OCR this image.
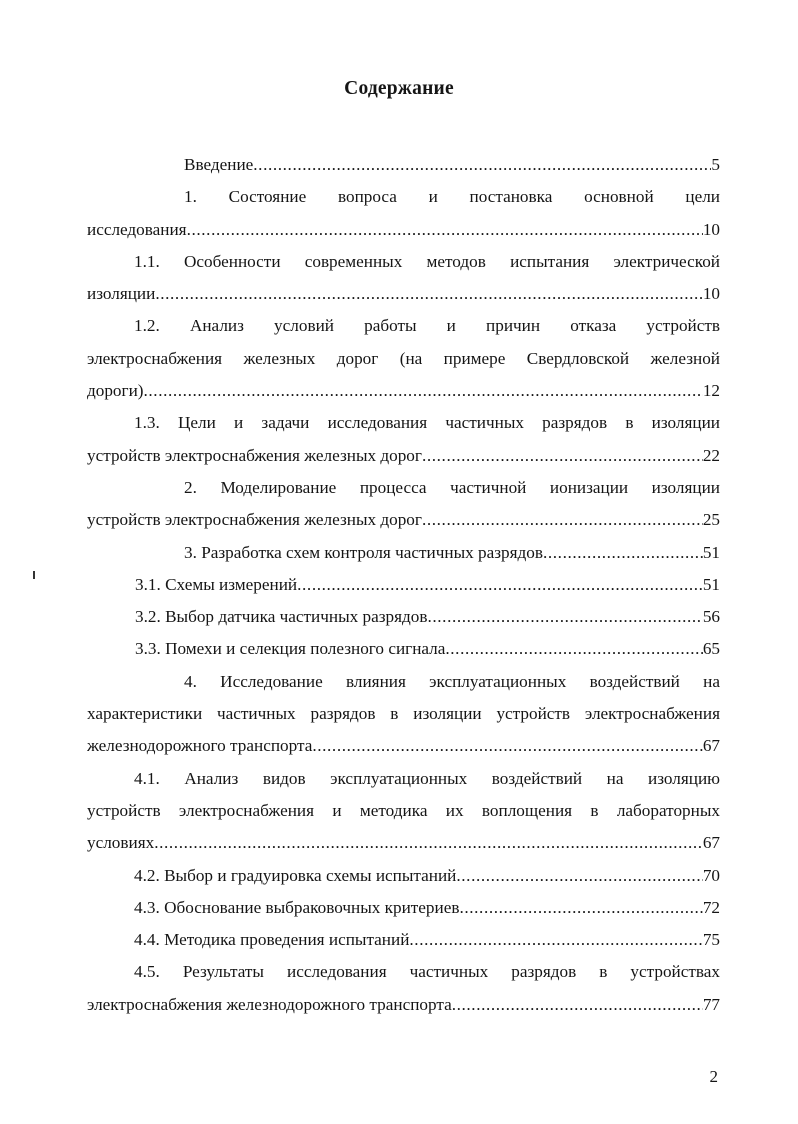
Содержание
Введение .....	5
1. Состояние вопроса и постановка основной цели
исследования .....	10
1.1. Особенности современных методов испытания электрической
изоляции .....	10
1.2. Анализ условий работы и причин отказа устройств
электроснабжения железных дорог (на примере Свердловской железной
дороги) .....	12
1.3. Цели и задачи исследования частичных разрядов в изоляции
устройств электроснабжения железных дорог .....	22
2. Моделирование процесса частичной ионизации изоляции
устройств электроснабжения железных дорог .....	25
3. Разработка схем контроля частичных разрядов .....	51
3.1. Схемы измерений .....	51
3.2. Выбор датчика частичных разрядов .....	56
3.3. Помехи и селекция полезного сигнала .....	65
4. Исследование влияния эксплуатационных воздействий на
характеристики частичных разрядов в изоляции устройств электроснабжения
железнодорожного транспорта .....	67
4.1. Анализ видов эксплуатационных воздействий на изоляцию
устройств электроснабжения и методика их воплощения в лабораторных
условиях .....	67
4.2. Выбор и градуировка схемы испытаний .....	70
4.3. Обоснование выбраковочных критериев .....	72
4.4. Методика проведения испытаний .....	75
4.5. Результаты исследования частичных разрядов в устройствах
электроснабжения железнодорожного транспорта .....	77
2
